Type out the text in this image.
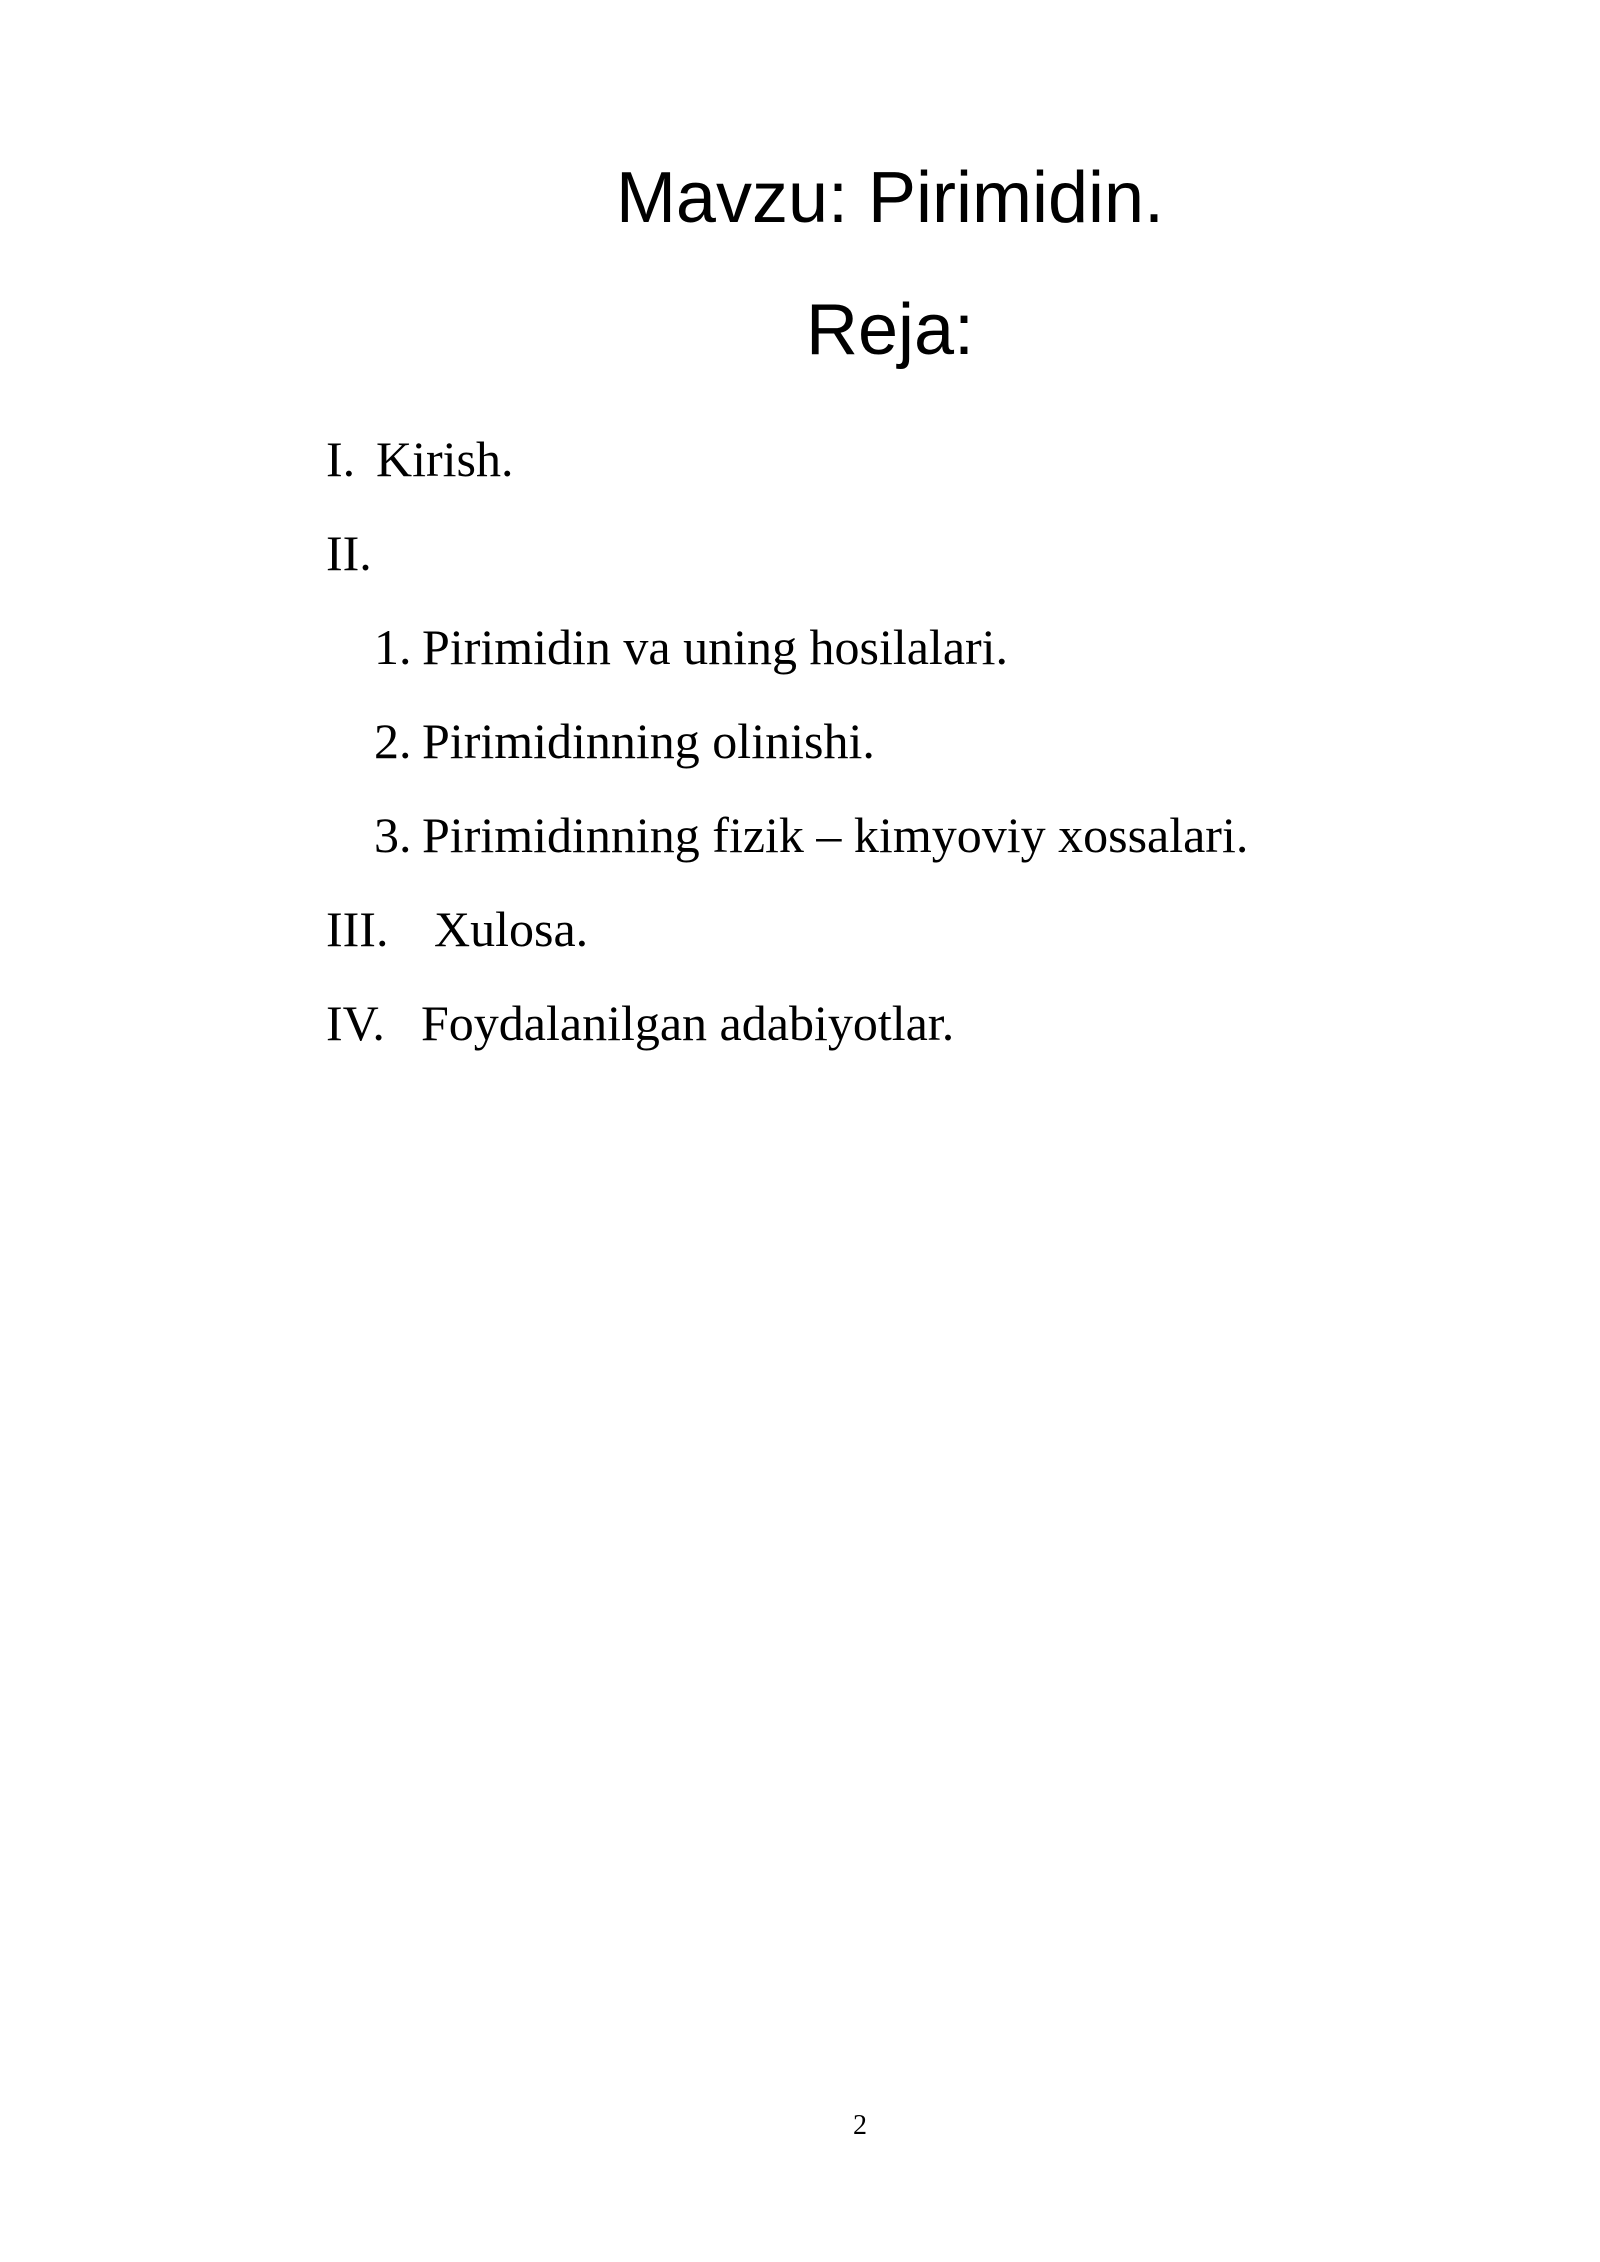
Mavzu: Pirimidin.
Reja:
I. Kirish.
II.
1. Pirimidin va uning hosilalari.
2. Pirimidinning olinishi.
3. Pirimidinning fizik – kimyoviy xossalari.
III. Xulosa.
IV. Foydalanilgan adabiyotlar.
2
